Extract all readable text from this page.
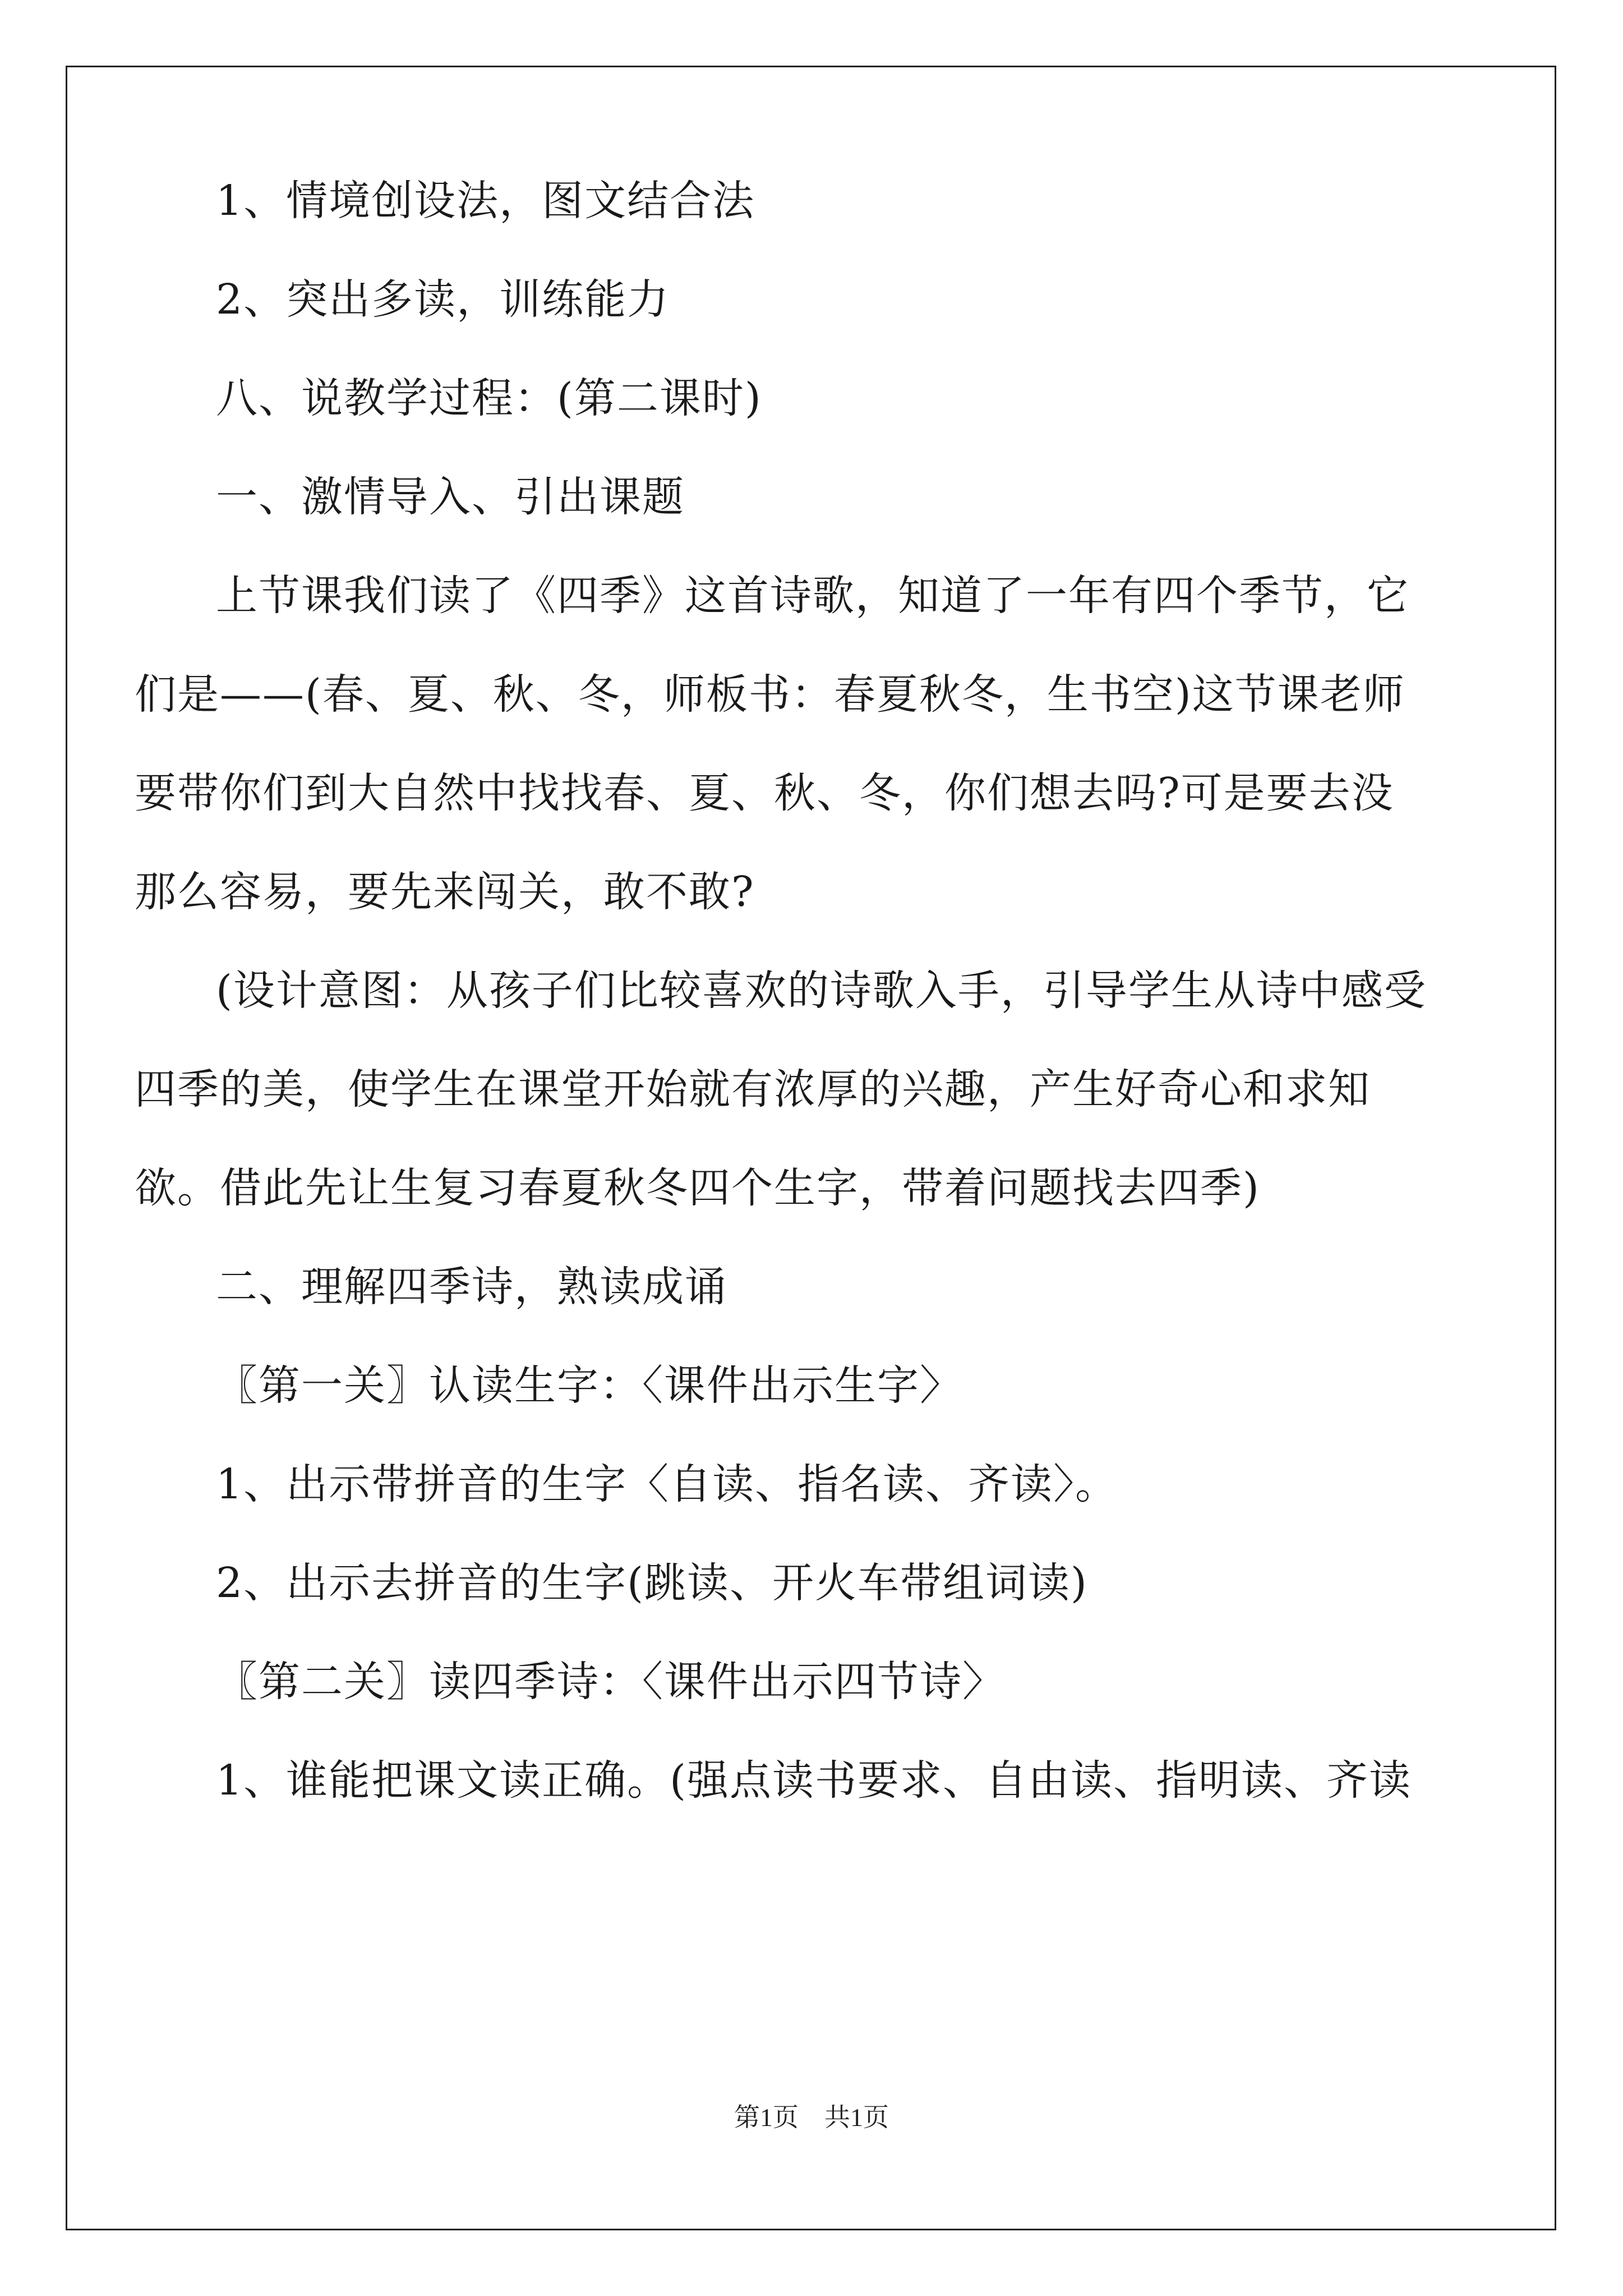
1、情境创设法，图文结合法

2、突出多读，训练能力

八、说教学过程：(第二课时)

一、激情导入、引出课题

上节课我们读了《四季》这首诗歌，知道了一年有四个季节，它们是——(春、夏、秋、冬，师板书：春夏秋冬，生书空)这节课老师要带你们到大自然中找找春、夏、秋、冬，你们想去吗?可是要去没那么容易，要先来闯关，敢不敢?

(设计意图：从孩子们比较喜欢的诗歌入手，引导学生从诗中感受四季的美，使学生在课堂开始就有浓厚的兴趣，产生好奇心和求知欲。借此先让生复习春夏秋冬四个生字，带着问题找去四季)

二、理解四季诗，熟读成诵

〖第一关〗认读生字：〈课件出示生字〉

1、出示带拼音的生字〈自读、指名读、齐读〉。

2、出示去拼音的生字(跳读、开火车带组词读)

〖第二关〗读四季诗：〈课件出示四节诗〉

1、谁能把课文读正确。(强点读书要求、自由读、指明读、齐读

第1页　共1页
